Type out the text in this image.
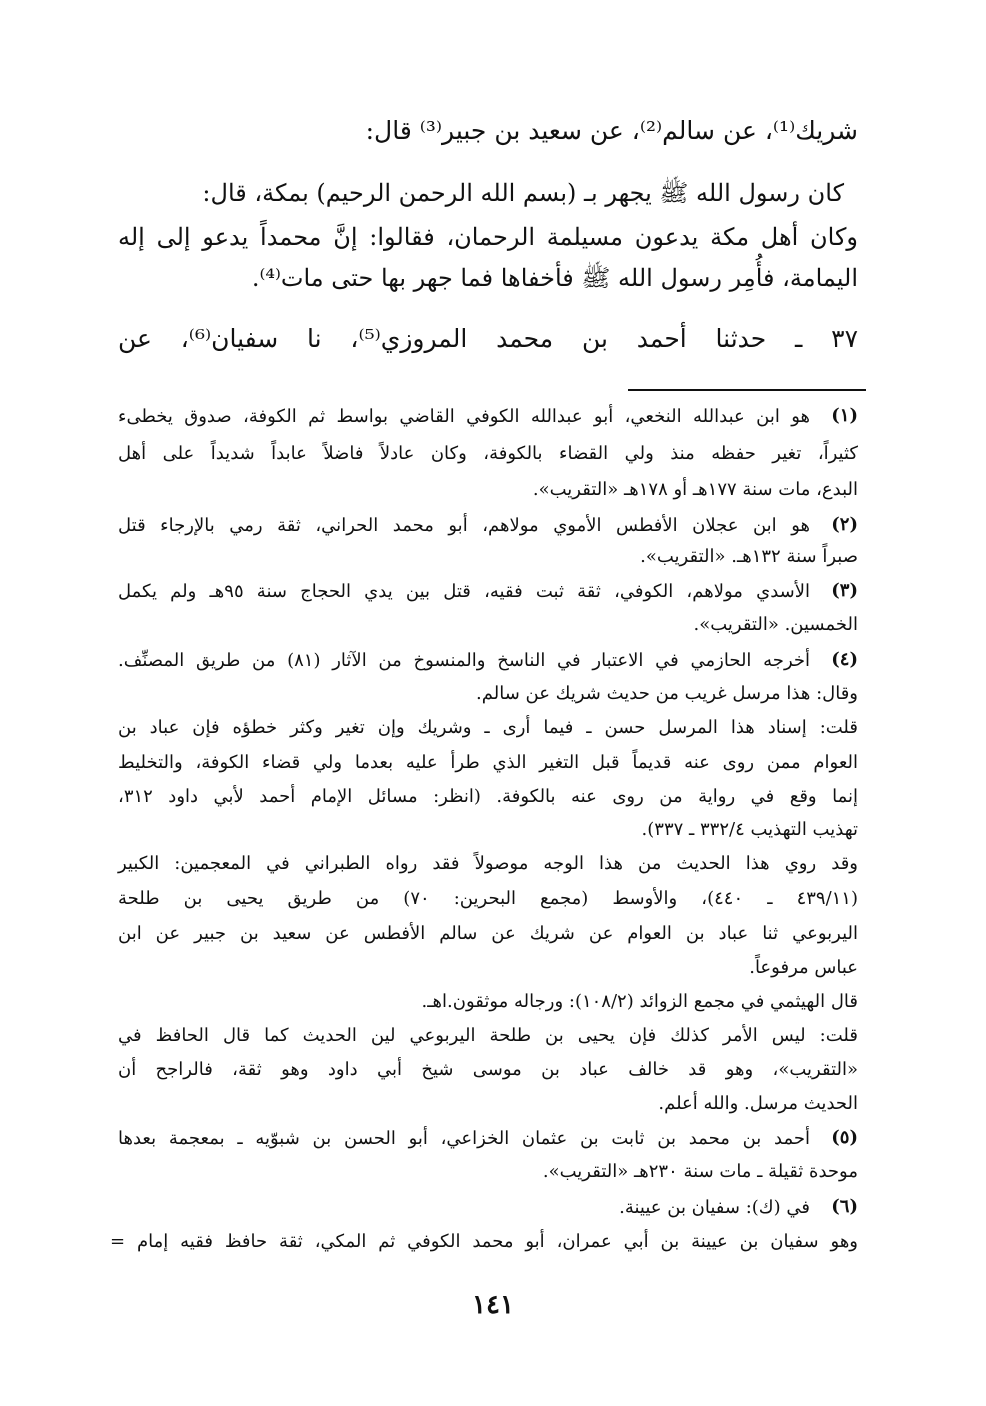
شريك⁽¹⁾، عن سالم⁽²⁾، عن سعيد بن جبير⁽³⁾ قال:
كان رسول الله ﷺ يجهر بـ (بسم الله الرحمن الرحيم) بمكة، قال:
وكان أهل مكة يدعون مسيلمة الرحمان، فقالوا: إنَّ محمداً يدعو إلى إله
اليمامة، فأُمِر رسول الله ﷺ فأخفاها فما جهر بها حتى مات⁽⁴⁾.
٣٧ ـ حدثنا أحمد بن محمد المروزي⁽⁵⁾، نا سفيان⁽⁶⁾، عن
(١)
هو ابن عبدالله النخعي، أبو عبدالله الكوفي القاضي بواسط ثم الكوفة، صدوق يخطىء
كثيراً، تغير حفظه منذ ولي القضاء بالكوفة، وكان عادلاً فاضلاً عابداً شديداً على أهل
البدع، مات سنة ١٧٧هـ أو ١٧٨هـ «التقريب».
(٢)
هو ابن عجلان الأفطس الأموي مولاهم، أبو محمد الحراني، ثقة رمي بالإرجاء قتل
صبراً سنة ١٣٢هـ. «التقريب».
(٣)
الأسدي مولاهم، الكوفي، ثقة ثبت فقيه، قتل بين يدي الحجاج سنة ٩٥هـ ولم يكمل
الخمسين. «التقريب».
(٤)
أخرجه الحازمي في الاعتبار في الناسخ والمنسوخ من الآثار (٨١) من طريق المصنِّف.
وقال: هذا مرسل غريب من حديث شريك عن سالم.
قلت: إسناد هذا المرسل حسن ـ فيما أرى ـ وشريك وإن تغير وكثر خطؤه فإن عباد بن
العوام ممن روى عنه قديماً قبل التغير الذي طرأ عليه بعدما ولي قضاء الكوفة، والتخليط
إنما وقع في رواية من روى عنه بالكوفة. (انظر: مسائل الإمام أحمد لأبي داود ٣١٢،
تهذيب التهذيب ٣٣٢/٤ ـ ٣٣٧).
وقد روي هذا الحديث من هذا الوجه موصولاً فقد رواه الطبراني في المعجمين: الكبير
(٤٣٩/١١ ـ ٤٤٠)، والأوسط (مجمع البحرين: ٧٠) من طريق يحيى بن طلحة
اليربوعي ثنا عباد بن العوام عن شريك عن سالم الأفطس عن سعيد بن جبير عن ابن
عباس مرفوعاً.
قال الهيثمي في مجمع الزوائد (١٠٨/٢): ورجاله موثقون.اهـ.
قلت: ليس الأمر كذلك فإن يحيى بن طلحة اليربوعي لين الحديث كما قال الحافظ في
«التقريب»، وهو قد خالف عباد بن موسى شيخ أبي داود وهو ثقة، فالراجح أن
الحديث مرسل. والله أعلم.
(٥)
أحمد بن محمد بن ثابت بن عثمان الخزاعي، أبو الحسن بن شبوّيه ـ بمعجمة بعدها
موحدة ثقيلة ـ مات سنة ٢٣٠هـ «التقريب».
(٦)
في (ك): سفيان بن عيينة.
وهو سفيان بن عيينة بن أبي عمران، أبو محمد الكوفي ثم المكي، ثقة حافظ فقيه إمام =
١٤١
